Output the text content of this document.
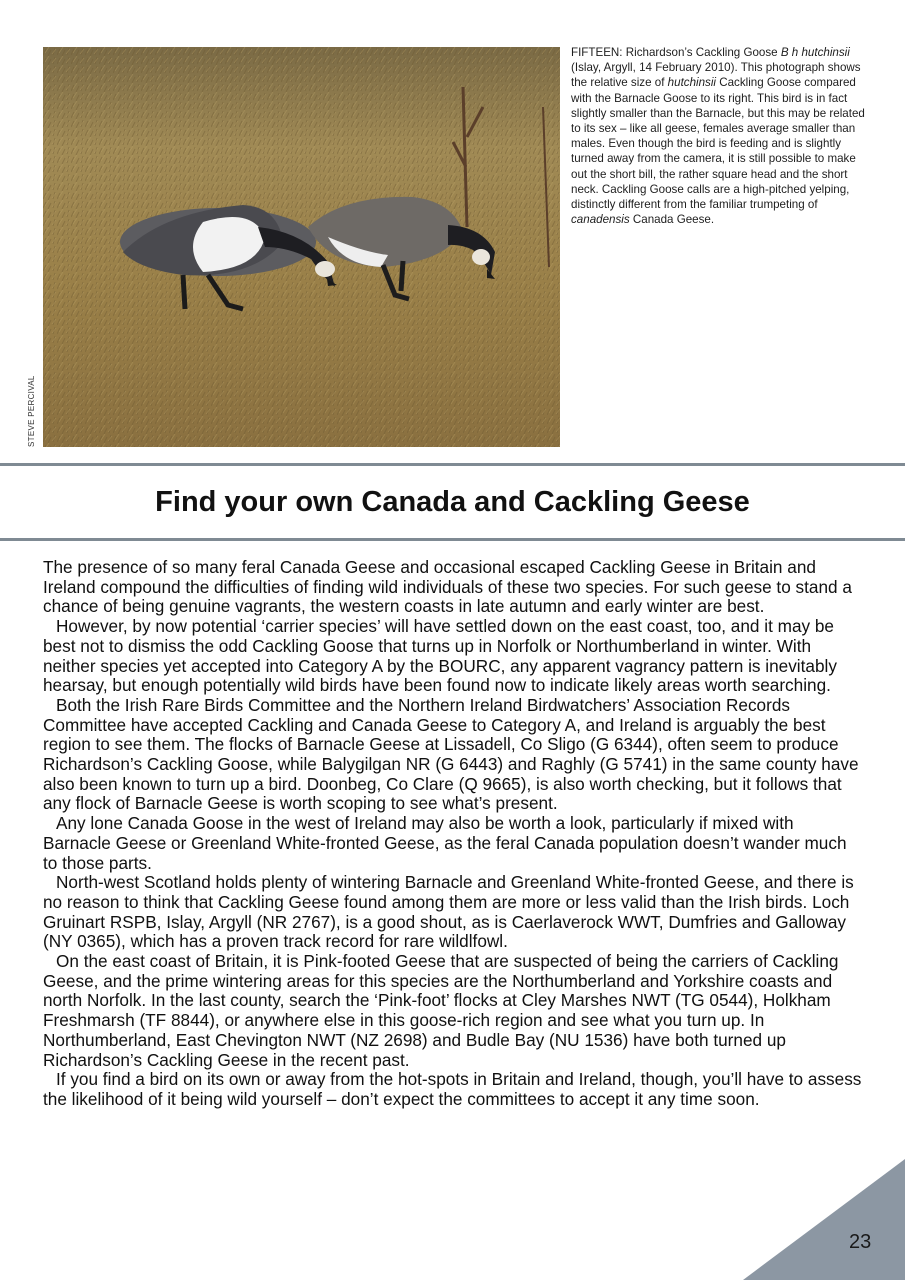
STEVE PERCIVAL
FIFTEEN: Richardson’s Cackling Goose B h hutchinsii (Islay, Argyll, 14 February 2010). This photograph shows the relative size of hutchinsii Cackling Goose compared with the Barnacle Goose to its right. This bird is in fact slightly smaller than the Barnacle, but this may be related to its sex – like all geese, females average smaller than males. Even though the bird is feeding and is slightly turned away from the camera, it is still possible to make out the short bill, the rather square head and the short neck. Cackling Goose calls are a high-pitched yelping, distinctly different from the familiar trumpeting of canadensis Canada Geese.
Find your own Canada and Cackling Geese

The presence of so many feral Canada Geese and occasional escaped Cackling Geese in Britain and Ireland compound the difficulties of finding wild individuals of these two species. For such geese to stand a chance of being genuine vagrants, the western coasts in late autumn and early winter are best.

However, by now potential ‘carrier species’ will have settled down on the east coast, too, and it may be best not to dismiss the odd Cackling Goose that turns up in Norfolk or Northumberland in winter. With neither species yet accepted into Category A by the BOURC, any apparent vagrancy pattern is inevitably hearsay, but enough potentially wild birds have been found now to indicate likely areas worth searching.

Both the Irish Rare Birds Committee and the Northern Ireland Birdwatchers’ Association Records Committee have accepted Cackling and Canada Geese to Category A, and Ireland is arguably the best region to see them. The flocks of Barnacle Geese at Lissadell, Co Sligo (G 6344), often seem to produce Richardson’s Cackling Goose, while Balygilgan NR (G 6443) and Raghly (G 5741) in the same county have also been known to turn up a bird. Doonbeg, Co Clare (Q 9665), is also worth checking, but it follows that any flock of Barnacle Geese is worth scoping to see what’s present.

Any lone Canada Goose in the west of Ireland may also be worth a look, particularly if mixed with Barnacle Geese or Greenland White-fronted Geese, as the feral Canada population doesn’t wander much to those parts.

North-west Scotland holds plenty of wintering Barnacle and Greenland White-fronted Geese, and there is no reason to think that Cackling Geese found among them are more or less valid than the Irish birds. Loch Gruinart RSPB, Islay, Argyll (NR 2767), is a good shout, as is Caerlaverock WWT, Dumfries and Galloway (NY 0365), which has a proven track record for rare wildlfowl.

On the east coast of Britain, it is Pink-footed Geese that are suspected of being the carriers of Cackling Geese, and the prime wintering areas for this species are the Northumberland and Yorkshire coasts and north Norfolk. In the last county, search the ‘Pink-foot’ flocks at Cley Marshes NWT (TG 0544), Holkham Freshmarsh (TF 8844), or anywhere else in this goose-rich region and see what you turn up. In Northumberland, East Chevington NWT (NZ 2698) and Budle Bay (NU 1536) have both turned up Richardson’s Cackling Geese in the recent past.

If you find a bird on its own or away from the hot-spots in Britain and Ireland, though, you’ll have to assess the likelihood of it being wild yourself – don’t expect the committees to accept it any time soon.

23
